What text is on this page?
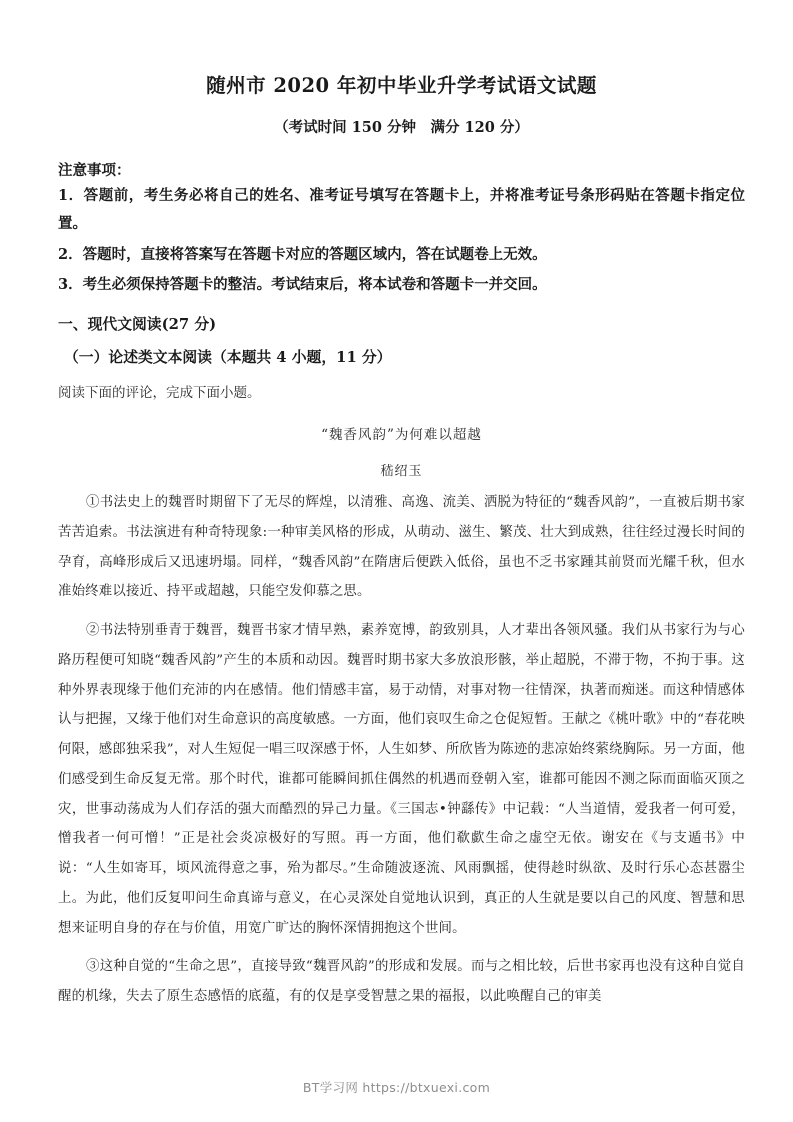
随州市 2020 年初中毕业升学考试语文试题
（考试时间 150 分钟　满分 120 分）
注意事项：

1．答题前，考生务必将自己的姓名、准考证号填写在答题卡上，并将准考证号条形码贴在答题卡指定位置。

2．答题时，直接将答案写在答题卡对应的答题区域内，答在试题卷上无效。

3．考生必须保持答题卡的整洁。考试结束后，将本试卷和答题卡一并交回。

一、现代文阅读(27 分)
（一）论述类文本阅读（本题共 4 小题，11 分）
阅读下面的评论，完成下面小题。
“魏香风韵”为何难以超越
嵇绍玉

①书法史上的魏晋时期留下了无尽的辉煌，以清雅、高逸、流美、洒脱为特征的“魏香风韵”，一直被后期书家苦苦追索。书法演进有种奇特现象:一种审美风格的形成，从萌动、滋生、繁茂、壮大到成熟，往往经过漫长时间的孕育，高峰形成后又迅速坍塌。同样，“魏香风韵”在隋唐后便跌入低俗，虽也不乏书家踵其前贤而光耀千秋，但水准始终难以接近、持平或超越，只能空发仰慕之思。

②书法特别垂青于魏晋，魏晋书家才情早熟，素养宽博，韵致别具，人才辈出各领风骚。我们从书家行为与心路历程便可知晓“魏香风韵”产生的本质和动因。魏晋时期书家大多放浪形骸，举止超脱，不滞于物，不拘于事。这种外界表现缘于他们充沛的内在感情。他们情感丰富，易于动情，对事对物一往情深，执著而痴迷。而这种情感体认与把握，又缘于他们对生命意识的高度敏感。一方面，他们哀叹生命之仓促短暂。王献之《桃叶歌》中的“春花映何限，感郎独采我”，对人生短促一唱三叹深感于怀，人生如梦、所欣皆为陈迹的悲凉始终萦绕胸际。另一方面，他们感受到生命反复无常。那个时代，谁都可能瞬间抓住偶然的机遇而登朝入室，谁都可能因不测之际而面临灭顶之灾，世事动荡成为人们存活的强大而酷烈的异己力量。《三国志•钟繇传》中记载：“人当道情，爱我者一何可爱，憎我者一何可憎！”正是社会炎凉极好的写照。再一方面，他们欷歔生命之虚空无依。谢安在《与支遁书》中说：“人生如寄耳，顷风流得意之事，殆为都尽。”生命随波逐流、风雨飘摇，使得趁时纵欲、及时行乐心态甚嚣尘上。为此，他们反复叩问生命真谛与意义，在心灵深处自觉地认识到，真正的人生就是要以自己的风度、智慧和思想来证明自身的存在与价值，用宽广旷达的胸怀深情拥抱这个世间。

③这种自觉的“生命之思”，直接导致“魏晋风韵”的形成和发展。而与之相比较，后世书家再也没有这种自觉自醒的机缘，失去了原生态感悟的底蕴，有的仅是享受智慧之果的福报，以此唤醒自己的审美

BT学习网 https://btxuexi.com
